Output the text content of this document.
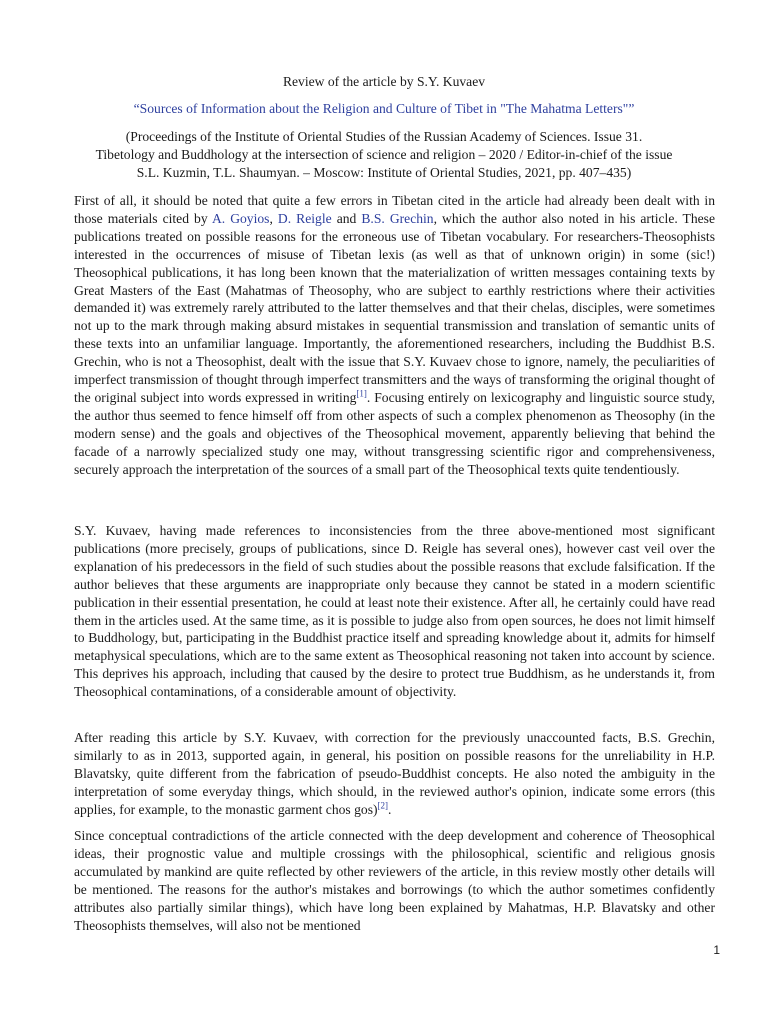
Review of the article by S.Y. Kuvaev
“Sources of Information about the Religion and Culture of Tibet in "The Mahatma Letters"”
(Proceedings of the Institute of Oriental Studies of the Russian Academy of Sciences. Issue 31.
Tibetology and Buddhology at the intersection of science and religion – 2020 / Editor-in-chief of the issue
S.L. Kuzmin, T.L. Shaumyan. – Moscow: Institute of Oriental Studies, 2021, pp. 407–435)

First of all, it should be noted that quite a few errors in Tibetan cited in the article had already been dealt with in those materials cited by A. Goyios, D. Reigle and B.S. Grechin, which the author also noted in his article. These publications treated on possible reasons for the erroneous use of Tibetan vocabulary. For researchers-Theosophists interested in the occurrences of misuse of Tibetan lexis (as well as that of unknown origin) in some (sic!) Theosophical publications, it has long been known that the materialization of written messages containing texts by Great Masters of the East (Mahatmas of Theosophy, who are subject to earthly restrictions where their activities demanded it) was extremely rarely attributed to the latter themselves and that their chelas, disciples, were sometimes not up to the mark through making absurd mistakes in sequential transmission and translation of semantic units of these texts into an unfamiliar language. Importantly, the aforementioned researchers, including the Buddhist B.S. Grechin, who is not a Theosophist, dealt with the issue that S.Y. Kuvaev chose to ignore, namely, the peculiarities of imperfect transmission of thought through imperfect transmitters and the ways of transforming the original thought of the original subject into words expressed in writing[1]. Focusing entirely on lexicography and linguistic source study, the author thus seemed to fence himself off from other aspects of such a complex phenomenon as Theosophy (in the modern sense) and the goals and objectives of the Theosophical movement, apparently believing that behind the facade of a narrowly specialized study one may, without transgressing scientific rigor and comprehensiveness, securely approach the interpretation of the sources of a small part of the Theosophical texts quite tendentiously.

S.Y. Kuvaev, having made references to inconsistencies from the three above-mentioned most significant publications (more precisely, groups of publications, since D. Reigle has several ones), however cast veil over the explanation of his predecessors in the field of such studies about the possible reasons that exclude falsification. If the author believes that these arguments are inappropriate only because they cannot be stated in a modern scientific publication in their essential presentation, he could at least note their existence. After all, he certainly could have read them in the articles used. At the same time, as it is possible to judge also from open sources, he does not limit himself to Buddhology, but, participating in the Buddhist practice itself and spreading knowledge about it, admits for himself metaphysical speculations, which are to the same extent as Theosophical reasoning not taken into account by science. This deprives his approach, including that caused by the desire to protect true Buddhism, as he understands it, from Theosophical contaminations, of a considerable amount of objectivity.

After reading this article by S.Y. Kuvaev, with correction for the previously unaccounted facts, B.S. Grechin, similarly to as in 2013, supported again, in general, his position on possible reasons for the unreliability in H.P. Blavatsky, quite different from the fabrication of pseudo-Buddhist concepts. He also noted the ambiguity in the interpretation of some everyday things, which should, in the reviewed author's opinion, indicate some errors (this applies, for example, to the monastic garment chos gos)[2].

Since conceptual contradictions of the article connected with the deep development and coherence of Theosophical ideas, their prognostic value and multiple crossings with the philosophical, scientific and religious gnosis accumulated by mankind are quite reflected by other reviewers of the article, in this review mostly other details will be mentioned. The reasons for the author's mistakes and borrowings (to which the author sometimes confidently attributes also partially similar things), which have long been explained by Mahatmas, H.P. Blavatsky and other Theosophists themselves, will also not be mentioned

1
